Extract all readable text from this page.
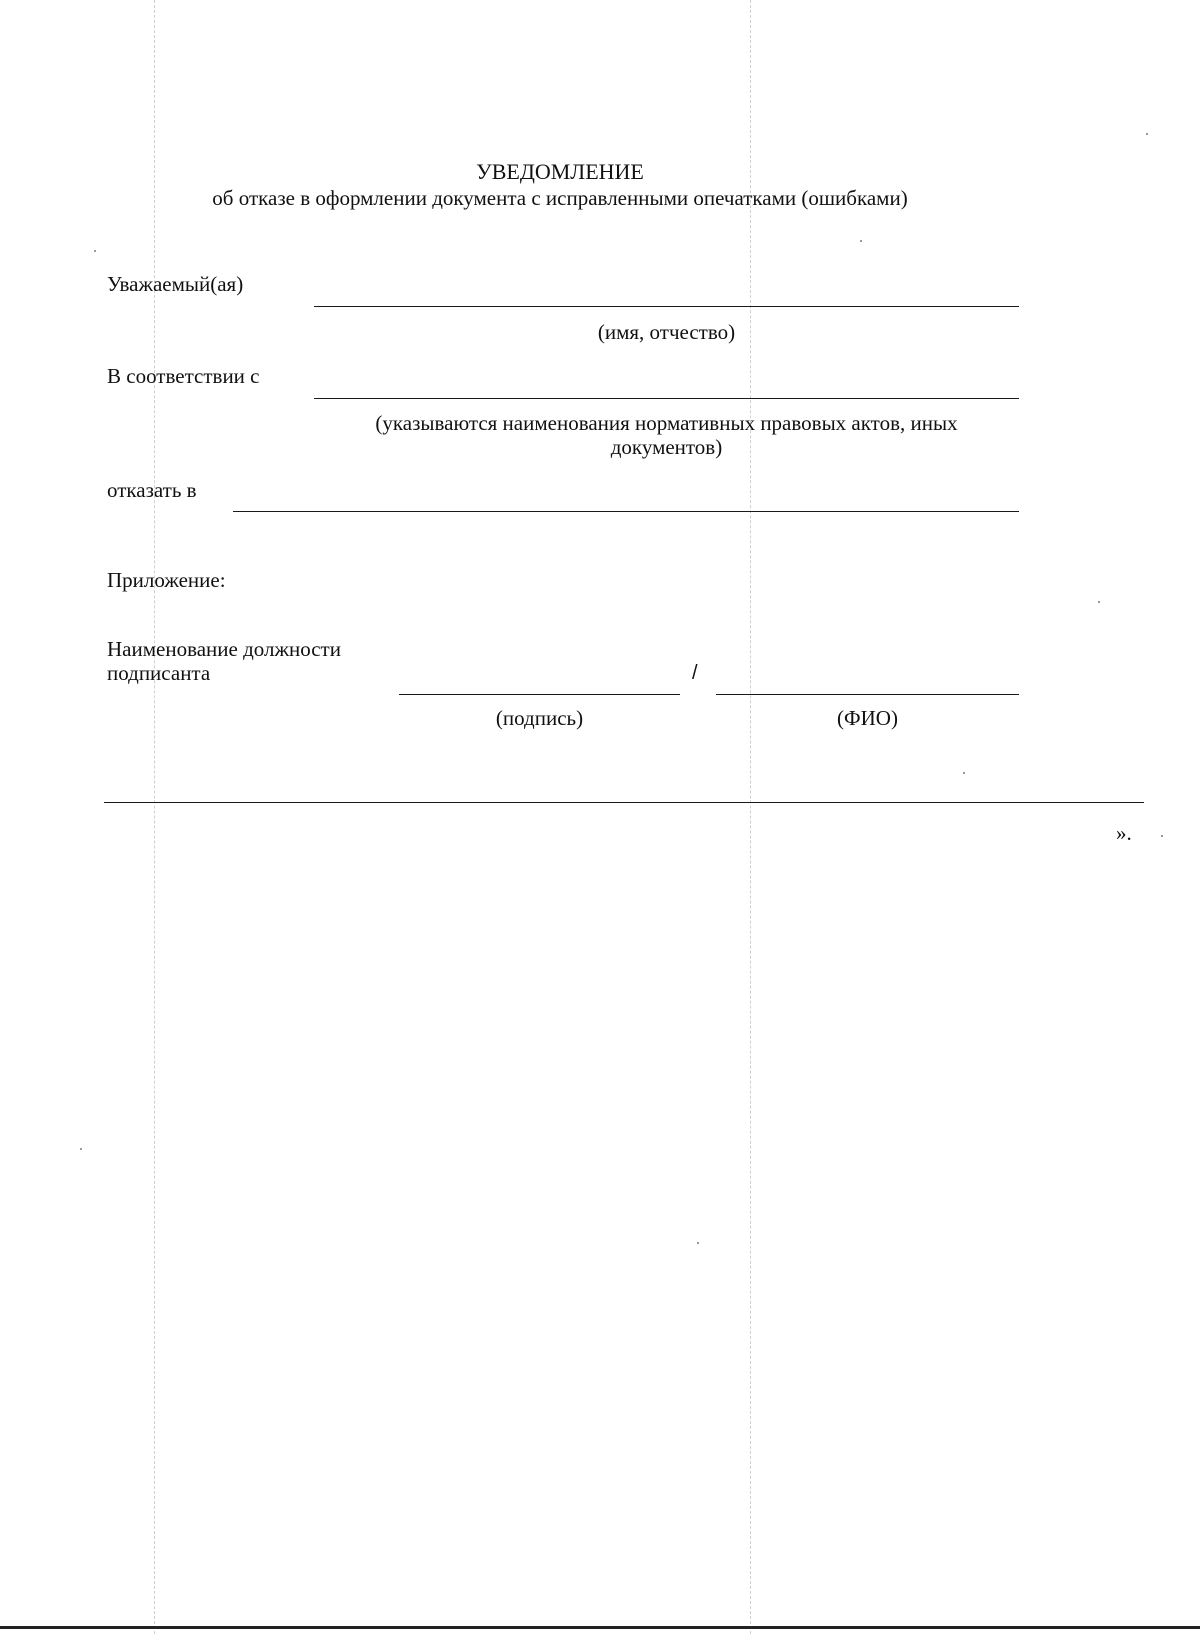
УВЕДОМЛЕНИЕ
об отказе в оформлении документа с исправленными опечатками (ошибками)
Уважаемый(ая)
(имя, отчество)
В соответствии с
(указываются наименования нормативных правовых актов, иных
документов)
отказать в
Приложение:
Наименование должности
подписанта	/
(подпись)	(ФИО)
».
